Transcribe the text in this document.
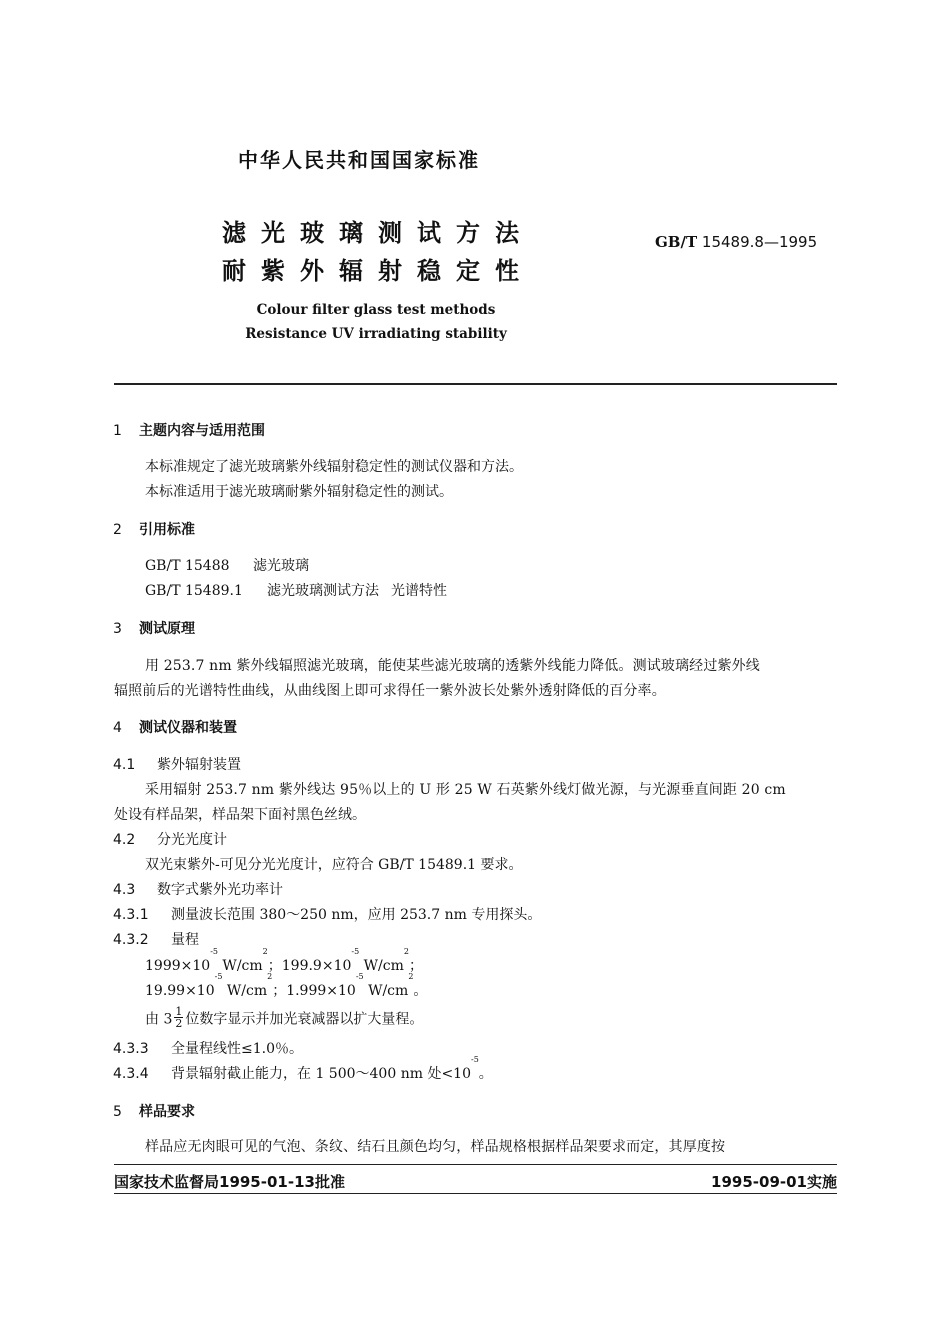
中华人民共和国国家标准
滤光玻璃测试方法
耐紫外辐射稳定性
GB/T 15489.8—1995
Colour filter glass test methods
Resistance UV irradiating stability
1 主题内容与适用范围
本标准规定了滤光玻璃紫外线辐射稳定性的测试仪器和方法。
本标准适用于滤光玻璃耐紫外辐射稳定性的测试。
2 引用标准
GB/T 15488 滤光玻璃
GB/T 15489.1 滤光玻璃测试方法 光谱特性
3 测试原理
用 253.7 nm 紫外线辐照滤光玻璃，能使某些滤光玻璃的透紫外线能力降低。测试玻璃经过紫外线
辐照前后的光谱特性曲线，从曲线图上即可求得任一紫外波长处紫外透射降低的百分率。
4 测试仪器和装置
4.1 紫外辐射装置
采用辐射 253.7 nm 紫外线达 95％以上的 U 形 25 W 石英紫外线灯做光源，与光源垂直间距 20 cm
处设有样品架，样品架下面衬黑色丝绒。
4.2 分光光度计
双光束紫外-可见分光光度计，应符合 GB/T 15489.1 要求。
4.3 数字式紫外光功率计
4.3.1 测量波长范围 380～250 nm，应用 253.7 nm 专用探头。
4.3.2 量程
$1999\times 10^{-5}$ $W/cm^2$；$199.9\times 10^{-5}$ $W/cm^2$；
$19.99\times 10^{-5}$ $W/cm^2$；$1.999\times 10^{-5}$ $W/cm^2$。
由 $3 \frac{1}{2}$ 位数字显示并加光衰减器以扩大量程。
4.3.3 全量程线性≤1.0％。
4.3.4 背景辐射截止能力，在 1 500～400 nm 处$<10^{-5}$。
5 样品要求
样品应无肉眼可见的气泡、条纹、结石且颜色均匀，样品规格根据样品架要求而定，其厚度按
国家技术监督局1995-01-13批准	1995-09-01实施
